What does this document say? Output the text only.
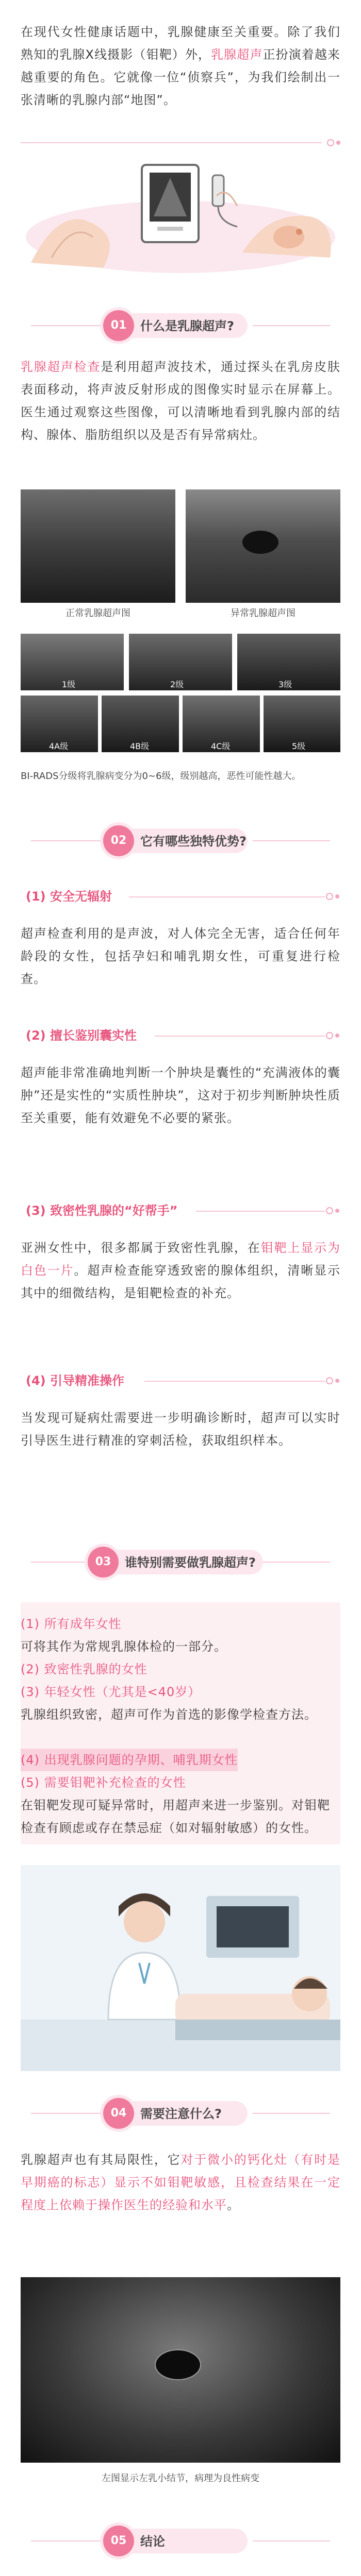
在现代女性健康话题中，乳腺健康至关重要。除了我们熟知的乳腺X线摄影（钼靶）外，乳腺超声正扮演着越来越重要的角色。它就像一位“侦察兵”，为我们绘制出一张清晰的乳腺内部“地图”。

01	什么是乳腺超声?

乳腺超声检查是利用超声波技术，通过探头在乳房皮肤表面移动，将声波反射形成的图像实时显示在屏幕上。医生通过观察这些图像，可以清晰地看到乳腺内部的结构、腺体、脂肪组织以及是否有异常病灶。

正常乳腺超声图	异常乳腺超声图
1级	2级	3级
4A级	4B级	4C级	5级

BI-RADS分级将乳腺病变分为0~6级，级别越高，恶性可能性越大。

02	它有哪些独特优势?
(1) 安全无辐射

超声检查利用的是声波，对人体完全无害，适合任何年龄段的女性，包括孕妇和哺乳期女性，可重复进行检查。

(2) 擅长鉴别囊实性

超声能非常准确地判断一个肿块是囊性的“充满液体的囊肿”还是实性的“实质性肿块”，这对于初步判断肿块性质至关重要，能有效避免不必要的紧张。

(3) 致密性乳腺的“好帮手”

亚洲女性中，很多都属于致密性乳腺，在钼靶上显示为白色一片。超声检查能穿透致密的腺体组织，清晰显示其中的细微结构，是钼靶检查的补充。

(4) 引导精准操作

当发现可疑病灶需要进一步明确诊断时，超声可以实时引导医生进行精准的穿刺活检，获取组织样本。

03	谁特别需要做乳腺超声?
(1) 所有成年女性
可将其作为常规乳腺体检的一部分。
(2) 致密性乳腺的女性
(3) 年轻女性（尤其是<40岁）
乳腺组织致密，超声可作为首选的影像学检查方法。
(4) 出现乳腺问题的孕期、哺乳期女性
(5) 需要钼靶补充检查的女性
在钼靶发现可疑异常时，用超声来进一步鉴别。对钼靶检查有顾虑或存在禁忌症（如对辐射敏感）的女性。
04	需要注意什么?

乳腺超声也有其局限性，它对于微小的钙化灶（有时是早期癌的标志）显示不如钼靶敏感，且检查结果在一定程度上依赖于操作医生的经验和水平。

左图显示左乳小结节，病理为良性病变

05	结论
